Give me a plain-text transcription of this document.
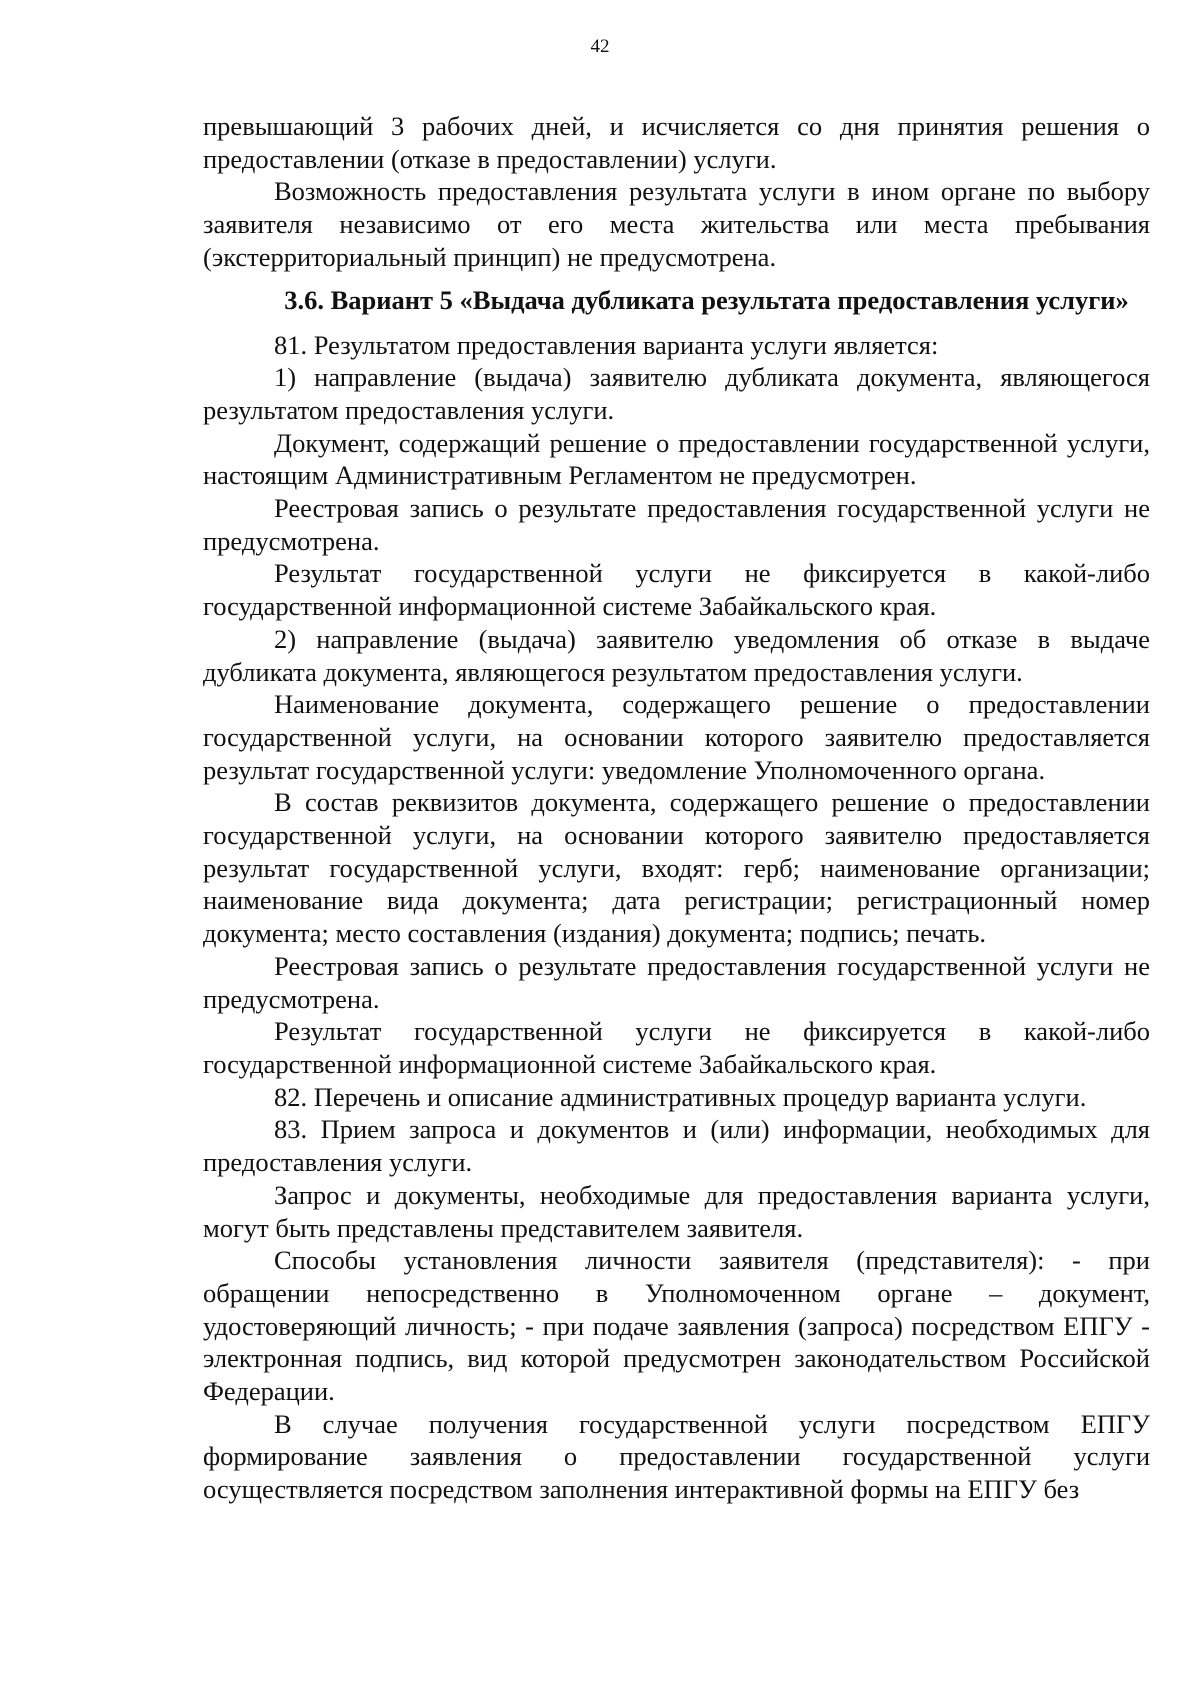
42

превышающий 3 рабочих дней, и исчисляется со дня принятия решения о предоставлении (отказе в предоставлении) услуги.

Возможность предоставления результата услуги в ином органе по выбору заявителя независимо от его места жительства или места пребывания (экстерриториальный принцип) не предусмотрена.

3.6. Вариант 5 «Выдача дубликата результата предоставления услуги»

81. Результатом предоставления варианта услуги является:

1) направление (выдача) заявителю дубликата документа, являющегося результатом предоставления услуги.

Документ, содержащий решение о предоставлении государственной услуги, настоящим Административным Регламентом не предусмотрен.

Реестровая запись о результате предоставления государственной услуги не предусмотрена.

Результат государственной услуги не фиксируется в какой-либо государственной информационной системе Забайкальского края.

2) направление (выдача) заявителю уведомления об отказе в выдаче дубликата документа, являющегося результатом предоставления услуги.

Наименование документа, содержащего решение о предоставлении государственной услуги, на основании которого заявителю предоставляется результат государственной услуги: уведомление Уполномоченного органа.

В состав реквизитов документа, содержащего решение о предоставлении государственной услуги, на основании которого заявителю предоставляется результат государственной услуги, входят: герб; наименование организации; наименование вида документа; дата регистрации; регистрационный номер документа; место составления (издания) документа; подпись; печать.

Реестровая запись о результате предоставления государственной услуги не предусмотрена.

Результат государственной услуги не фиксируется в какой-либо государственной информационной системе Забайкальского края.

82. Перечень и описание административных процедур варианта услуги.

83. Прием запроса и документов и (или) информации, необходимых для предоставления услуги.

Запрос и документы, необходимые для предоставления варианта услуги, могут быть представлены представителем заявителя.

Способы установления личности заявителя (представителя): - при обращении непосредственно в Уполномоченном органе – документ, удостоверяющий личность; - при подаче заявления (запроса) посредством ЕПГУ - электронная подпись, вид которой предусмотрен законодательством Российской Федерации.

В случае получения государственной услуги посредством ЕПГУ формирование заявления о предоставлении государственной услуги осуществляется посредством заполнения интерактивной формы на ЕПГУ без
